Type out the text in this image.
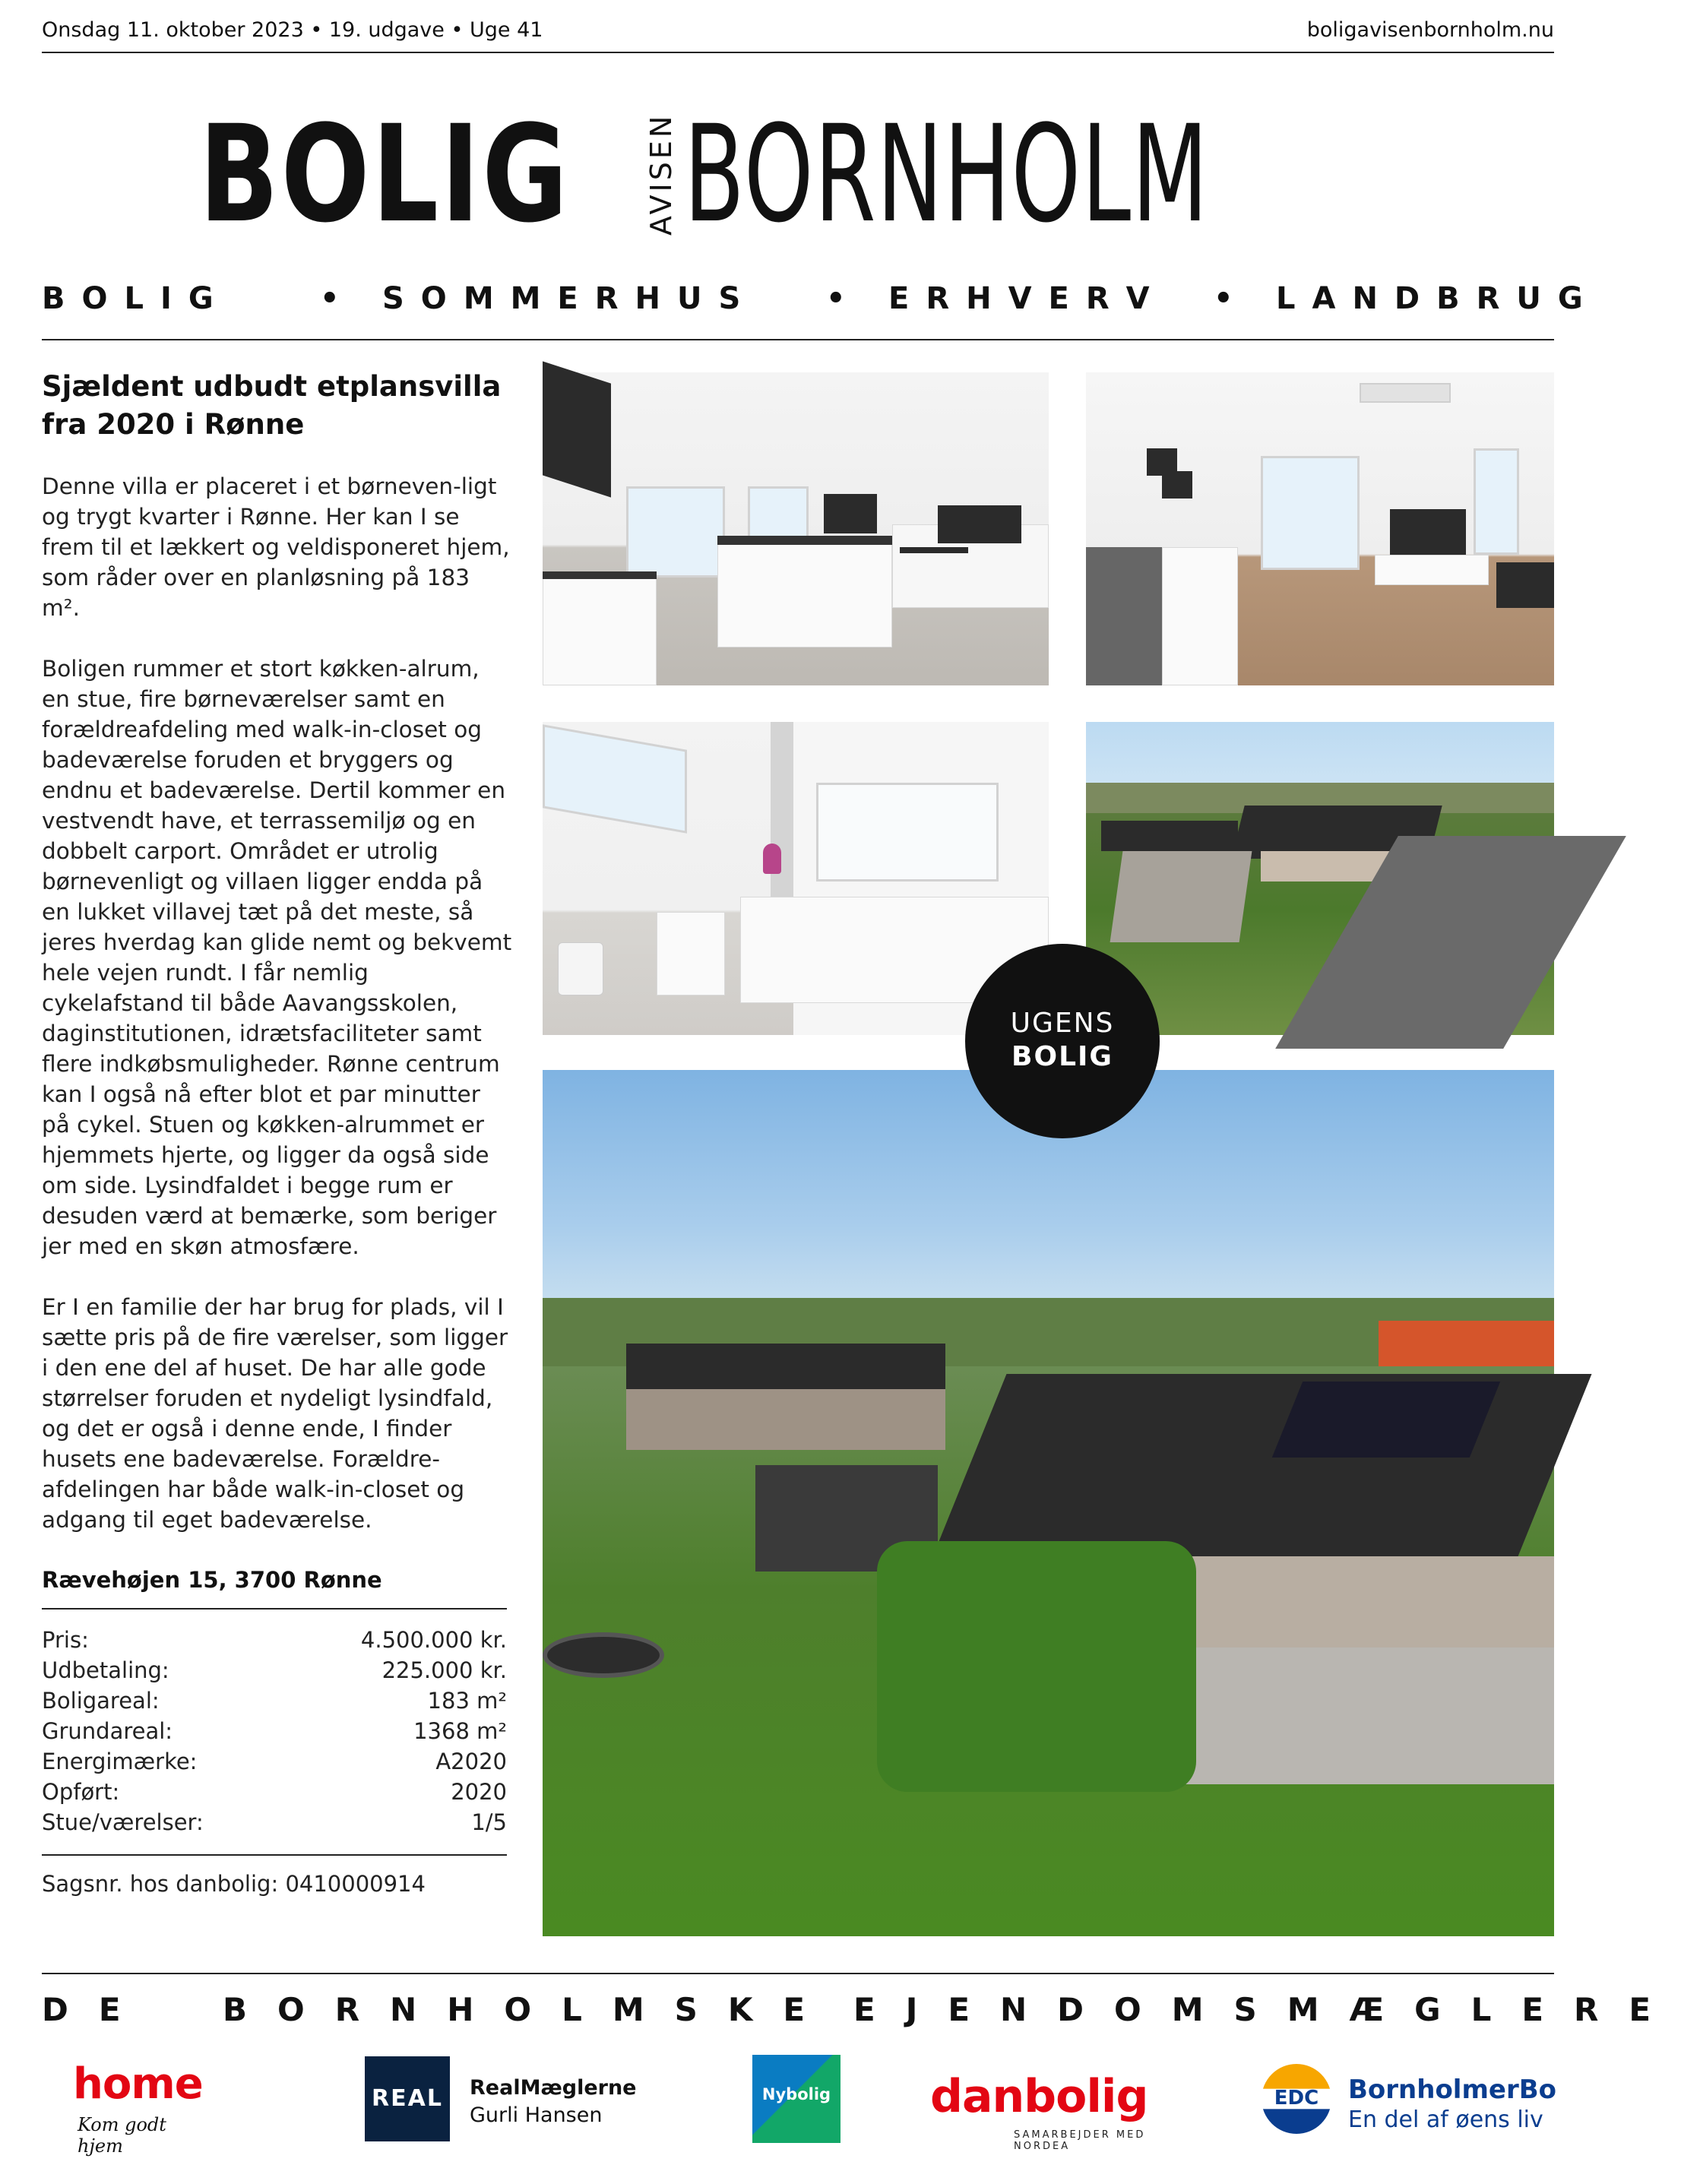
Onsdag 11. oktober 2023 • 19. udgave • Uge 41	boligavisenbornholm.nu
BOLIG	AVISEN BORNHOLM
BOLIG	• SOMMERHUS • ERHVERV • LANDBRUG
Sjældent udbudt etplansvilla fra 2020 i Rønne

Denne villa er placeret i et børneven-ligt og trygt kvarter i Rønne. Her kan I se frem til et lækkert og veldisponeret hjem, som råder over en planløsning på 183 m².

Boligen rummer et stort køkken-alrum, en stue, fire børneværelser samt en forældreafdeling med walk-in-closet og badeværelse foruden et bryggers og endnu et badeværelse. Dertil kommer en vestvendt have, et terrassemiljø og en dobbelt carport. Området er utrolig børnevenligt og villaen ligger endda på en lukket villavej tæt på det meste, så jeres hverdag kan glide nemt og bekvemt hele vejen rundt. I får nemlig cykelafstand til både Aavangsskolen, daginstitutionen, idrætsfaciliteter samt flere indkøbsmuligheder. Rønne centrum kan I også nå efter blot et par minutter på cykel. Stuen og køkken-alrummet er hjemmets hjerte, og ligger da også side om side. Lysindfaldet i begge rum er desuden værd at bemærke, som beriger jer med en skøn atmosfære.

Er I en familie der har brug for plads, vil I sætte pris på de fire værelser, som ligger i den ene del af huset. De har alle gode størrelser foruden et nydeligt lysindfald, og det er også i denne ende, I finder husets ene badeværelse. Forældre-afdelingen har både walk-in-closet og adgang til eget badeværelse.

Rævehøjen 15, 3700 Rønne
Pris:	4.500.000 kr.
Udbetaling:	225.000 kr.
Boligareal:	183 m²
Grundareal:	1368 m²
Energimærke:	A2020
Opført:	2020
Stue/værelser:	1/5
Sagsnr. hos danbolig: 0410000914
UGENS
BOLIG
DE BORNHOLMSKE EJENDOMSMÆGLERE
home
Kom godt hjem
REAL	RealMæglerne
Gurli Hansen
Nybolig danbolig
SAMARBEJDER MED NORDEA
EDC	BornholmerBo
En del af øens liv
